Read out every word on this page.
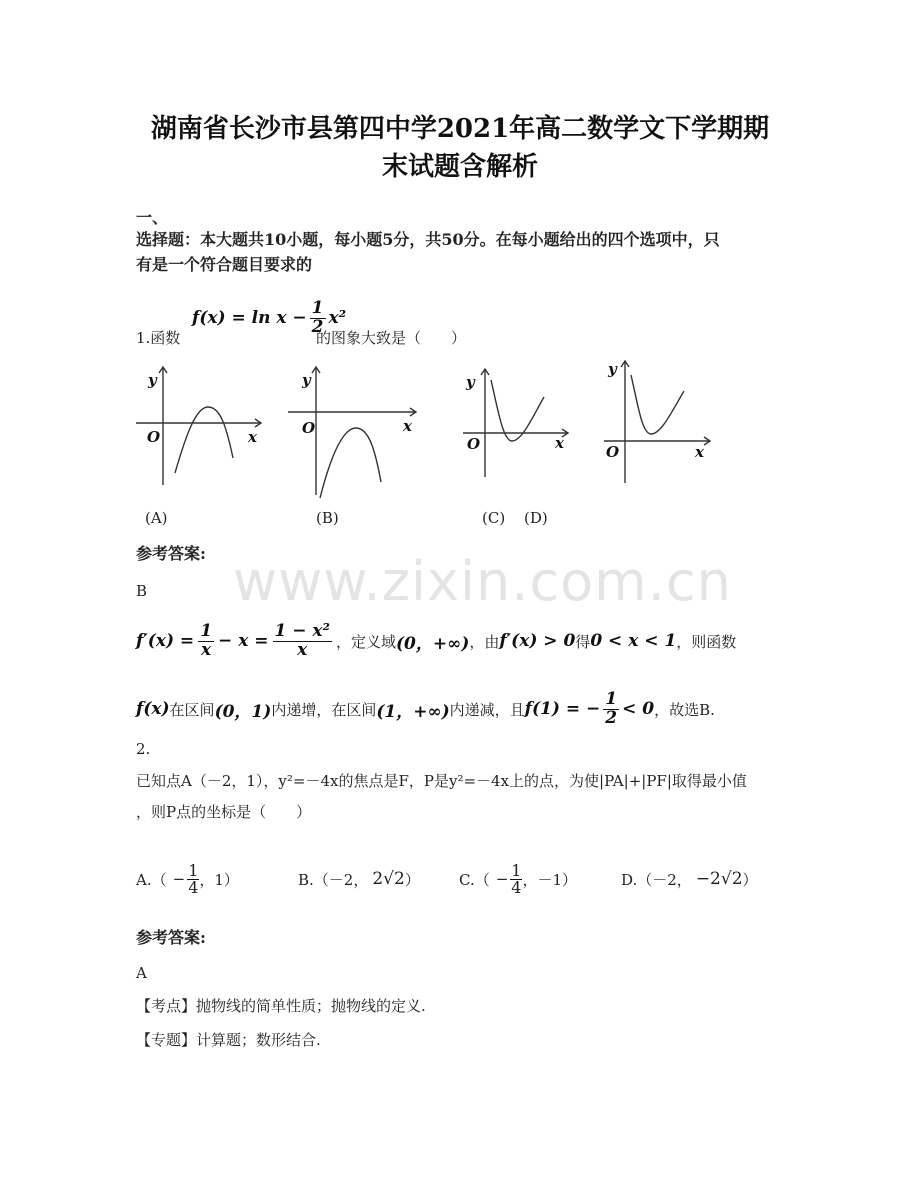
湖南省长沙市县第四中学2021年高二数学文下学期期
末试题含解析
一、
选择题：本大题共10小题，每小题5分，共50分。在每小题给出的四个选项中，只
有是一个符合题目要求的
1.函数
$f(x) = \ln x - \frac{1}{2} x^2$
的图象大致是（　　）
y
x
O
y
x
O
y
x
O
y
x
O
(A)	(B)	(C) (D)
参考答案:
B www.zixin.com.cn
$f'(x) = \frac{1}{x} - x = \frac{\text{1 − x²}}{x}$ ，定义域 (0，+∞) ，由 f′(x) > 0 得 0 < x < 1 ，则函数
f(x) 在区间 (0，1) 内递增，在区间 (1，+∞) 内递减，且 f(1) = − $\frac{1}{2} < 0$ ，故选B.
2.
已知点A（－2，1），y²=－4x的焦点是F，P是y²=－4x上的点，为使|PA|+|PF|取得最小值
，则P点的坐标是（　　）
$A.( - \frac{1}{4}$ ，1）	B.（－2， 2√2 ）	$C.( - \frac{1}{4}$ ，－1）	D.（－2， −2√2 ）
参考答案:
A
【考点】抛物线的简单性质；抛物线的定义.
【专题】计算题；数形结合.
